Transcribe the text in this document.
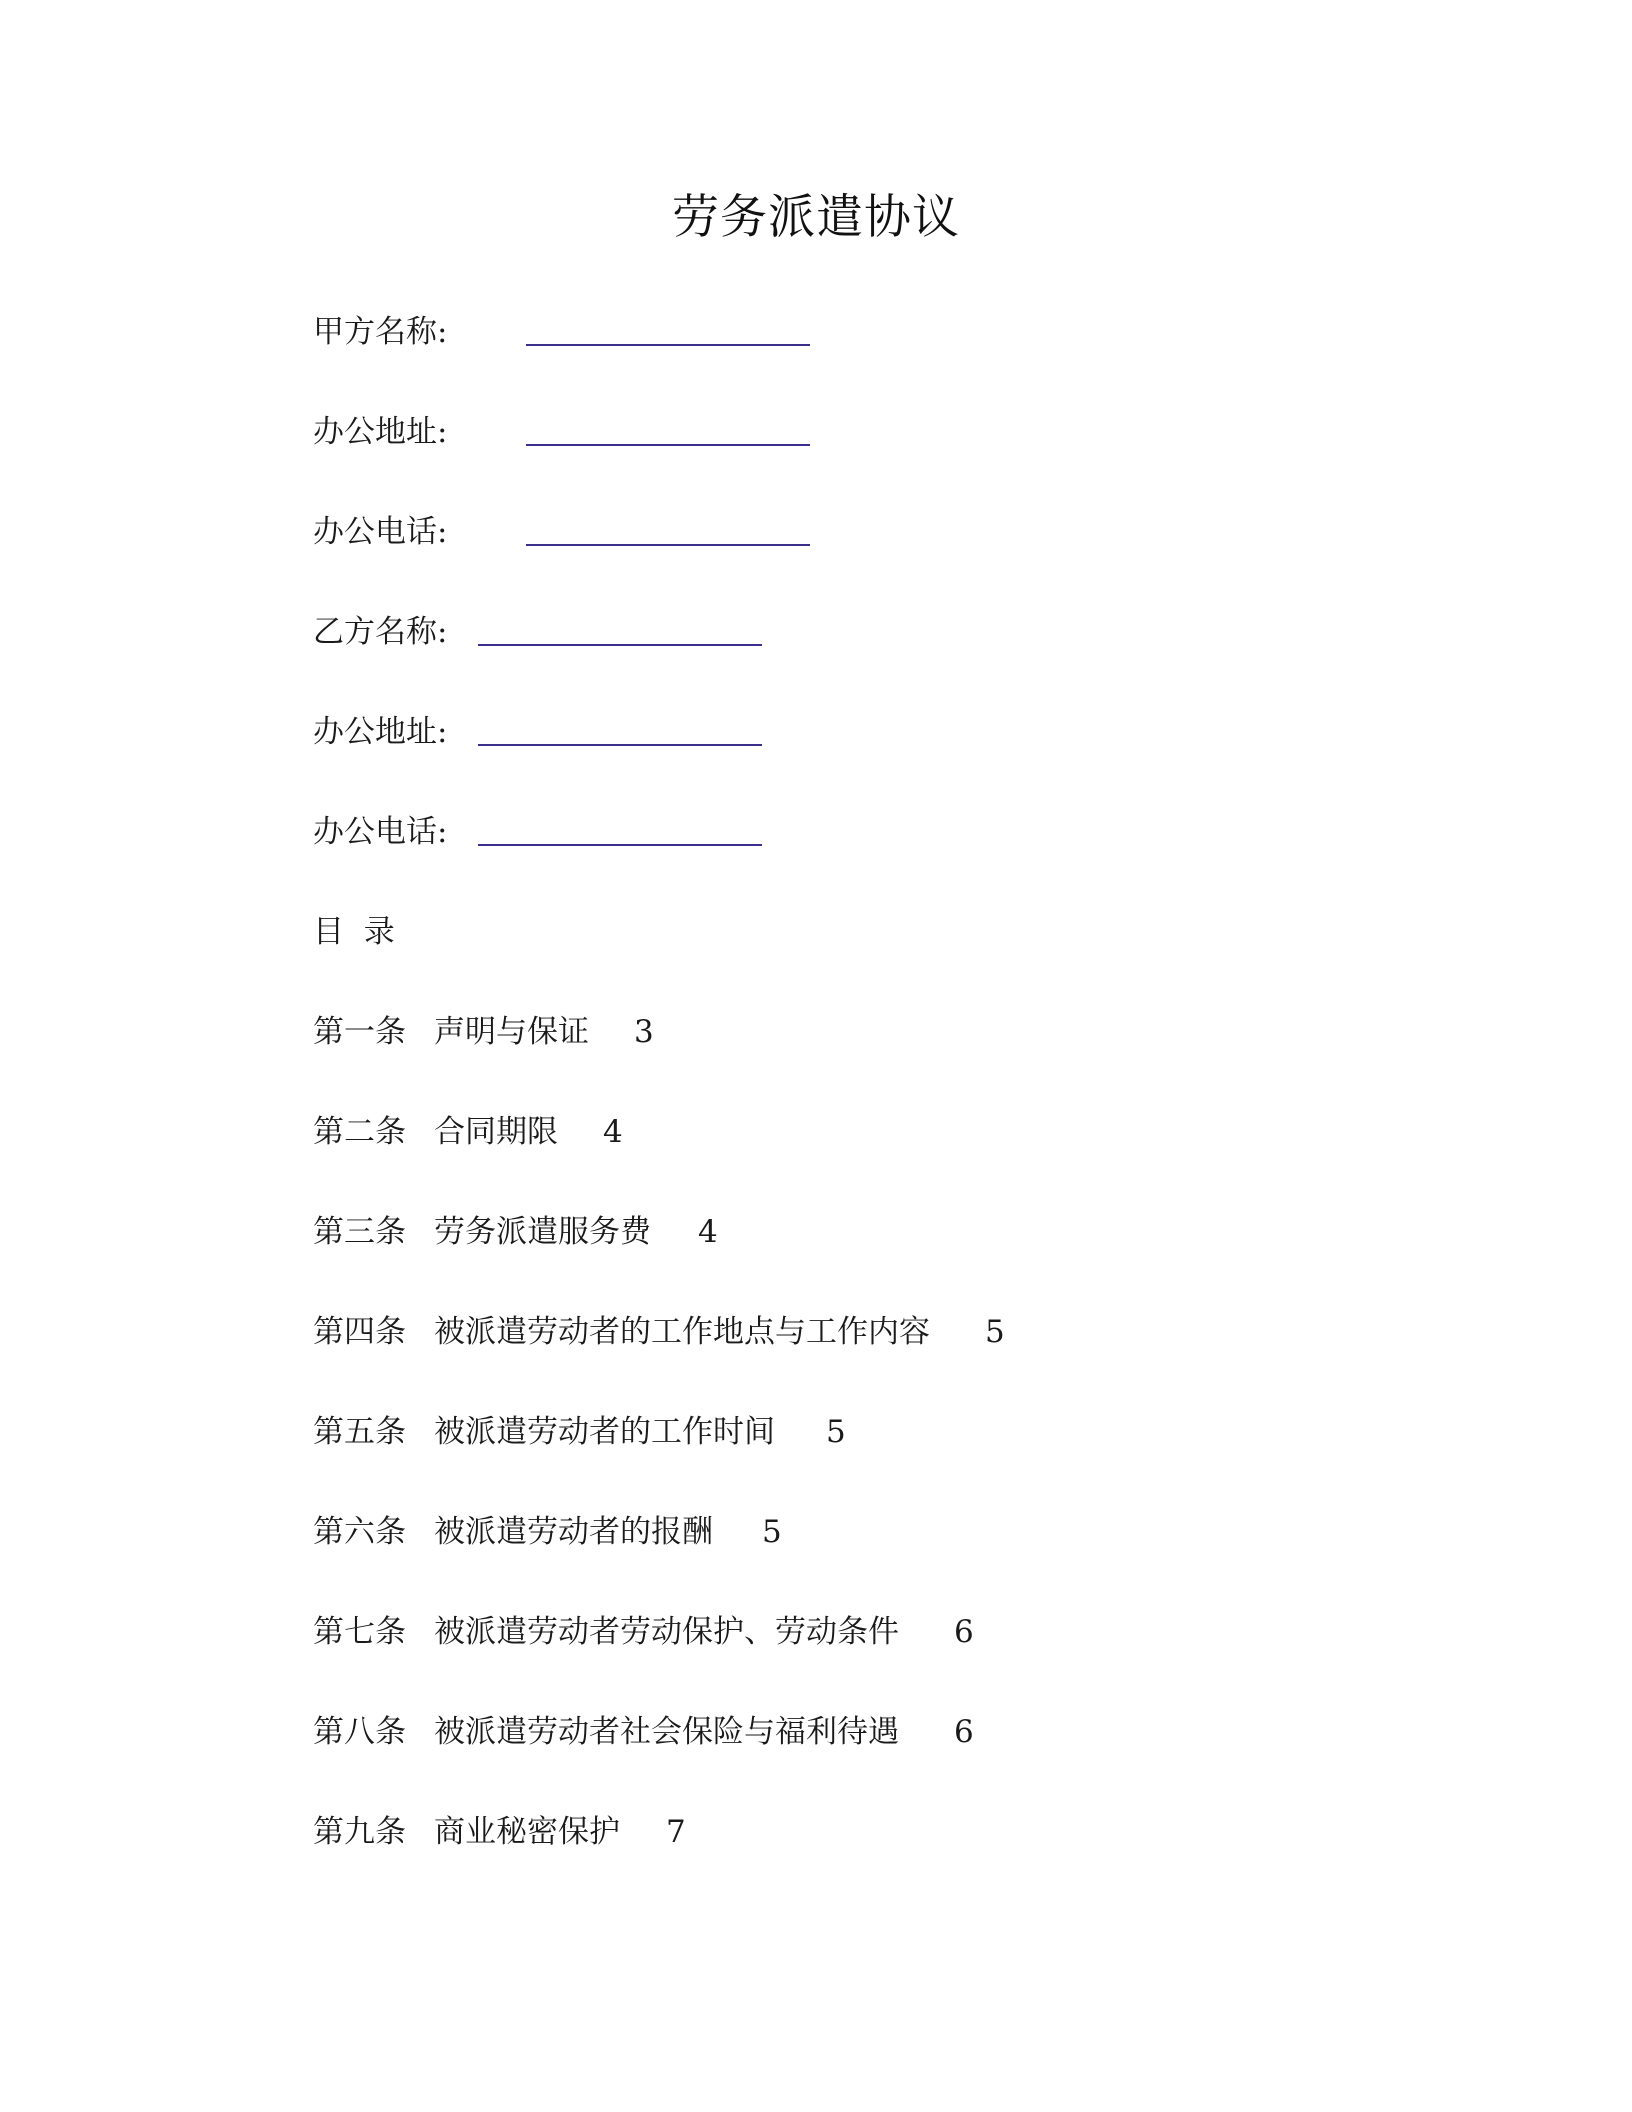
劳务派遣协议
甲方名称:
办公地址:
办公电话:
乙方名称:
办公地址:
办公电话:
目  录
第一条 声明与保证 3
第二条 合同期限 4
第三条 劳务派遣服务费 4
第四条 被派遣劳动者的工作地点与工作内容 5
第五条 被派遣劳动者的工作时间 5
第六条 被派遣劳动者的报酬 5
第七条 被派遣劳动者劳动保护、劳动条件 6
第八条 被派遣劳动者社会保险与福利待遇 6
第九条 商业秘密保护 7
